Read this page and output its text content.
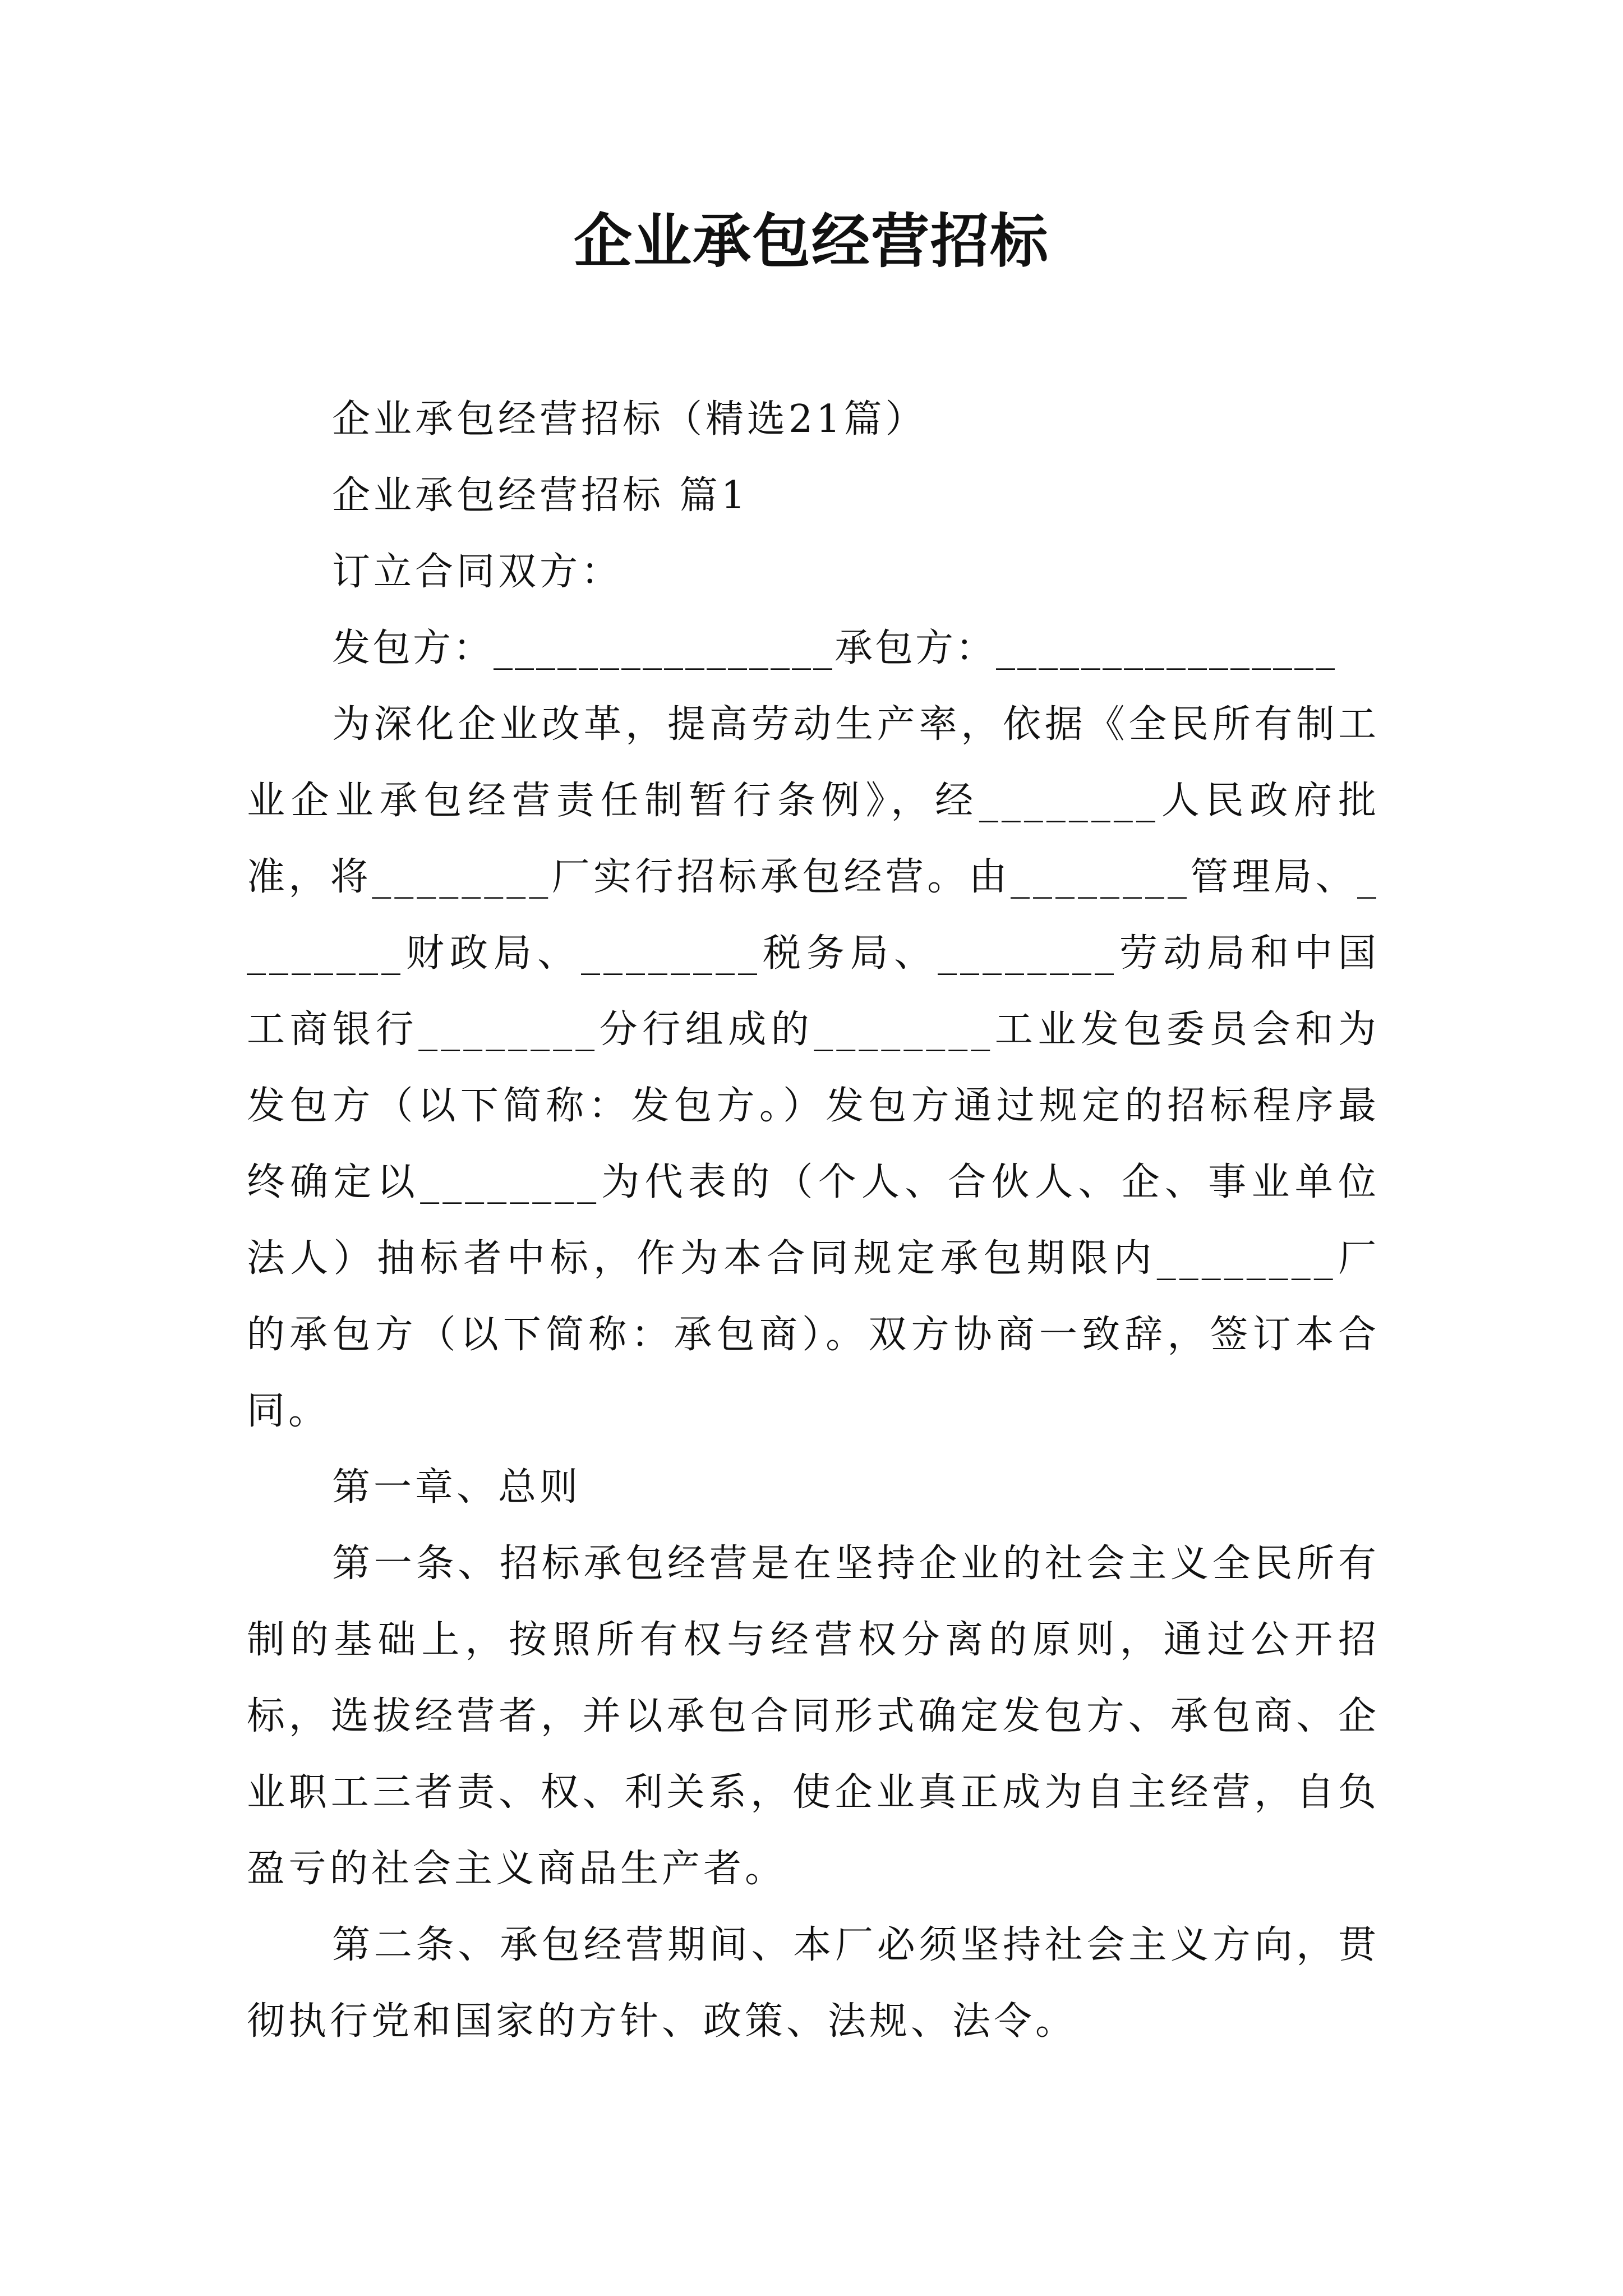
企业承包经营招标

企业承包经营招标（精选21篇）

企业承包经营招标 篇1

订立合同双方：

发包方：________________承包方：________________

为深化企业改革，提高劳动生产率，依据《全民所有制工业企业承包经营责任制暂行条例》，经________人民政府批准，将________厂实行招标承包经营。由________管理局、________财政局、________税务局、________劳动局和中国工商银行________分行组成的________工业发包委员会和为发包方（以下简称：发包方。）发包方通过规定的招标程序最终确定以________为代表的（个人、合伙人、企、事业单位法人）抽标者中标，作为本合同规定承包期限内________厂的承包方（以下简称：承包商）。双方协商一致辞，签订本合同。

第一章、总则

第一条、招标承包经营是在坚持企业的社会主义全民所有制的基础上，按照所有权与经营权分离的原则，通过公开招标，选拔经营者，并以承包合同形式确定发包方、承包商、企业职工三者责、权、利关系，使企业真正成为自主经营，自负盈亏的社会主义商品生产者。

第二条、承包经营期间、本厂必须坚持社会主义方向，贯彻执行党和国家的方针、政策、法规、法令。
